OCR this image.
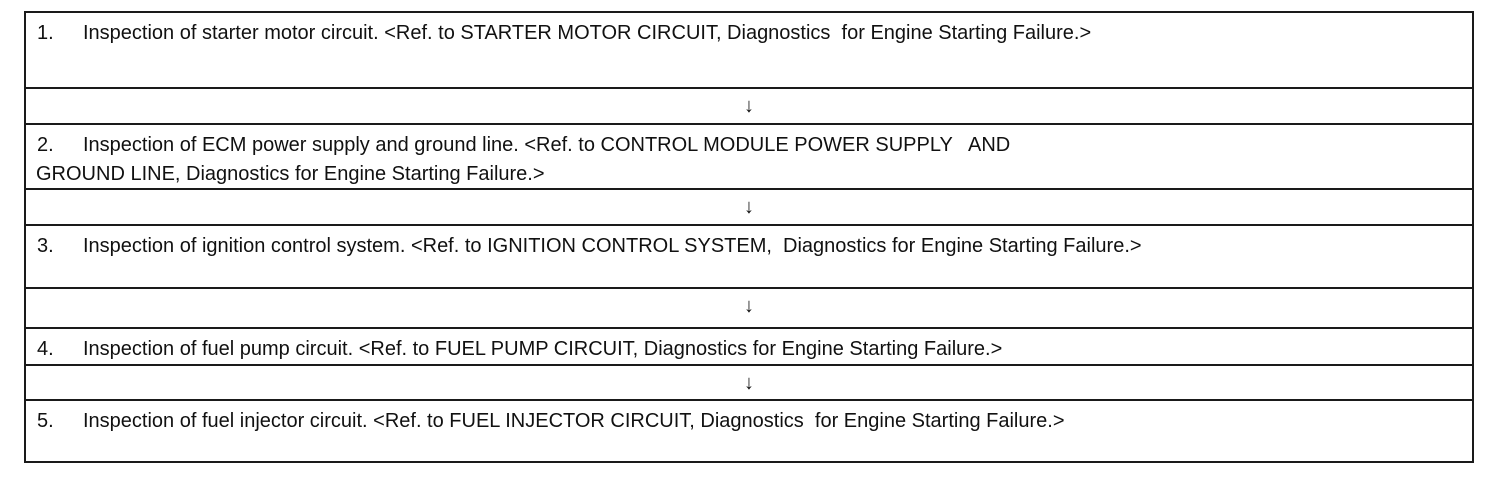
1. Inspection of starter motor circuit. <Ref. to STARTER MOTOR CIRCUIT, Diagnostics  for Engine Starting Failure.>
↓
2. Inspection of ECM power supply and ground line. <Ref. to CONTROL MODULE POWER SUPPLY   AND
GROUND LINE, Diagnostics for Engine Starting Failure.>
↓
3. Inspection of ignition control system. <Ref. to IGNITION CONTROL SYSTEM,  Diagnostics for Engine Starting Failure.>
↓
4. Inspection of fuel pump circuit. <Ref. to FUEL PUMP CIRCUIT, Diagnostics for Engine Starting Failure.>
↓
5. Inspection of fuel injector circuit. <Ref. to FUEL INJECTOR CIRCUIT, Diagnostics  for Engine Starting Failure.>
